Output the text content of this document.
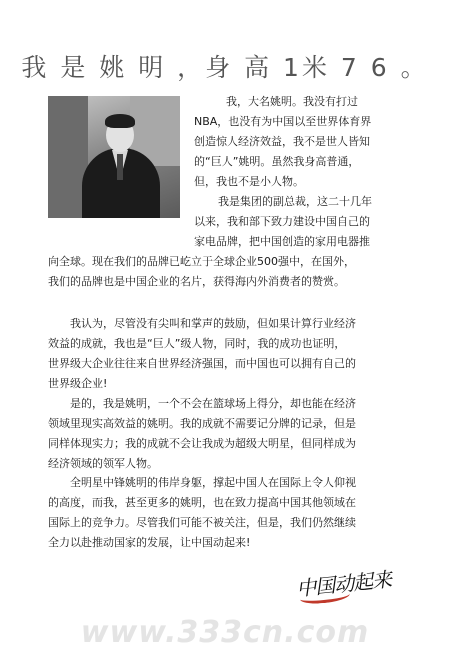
我 是 姚 明 ，身 高 1米 7 6 。
我，大名姚明。我没有打过
NBA，也没有为中国以至世界体育界
创造惊人经济效益，我不是世人皆知
的“巨人”姚明。虽然我身高普通，
但，我也不是小人物。
我是集团的副总裁，这二十几年
以来，我和部下致力建设中国自己的
家电品牌，把中国创造的家用电器推
向全球。现在我们的品牌已屹立于全球企业500强中，在国外，
我们的品牌也是中国企业的名片，获得海内外消费者的赞赏。
我认为，尽管没有尖叫和掌声的鼓励，但如果计算行业经济
效益的成就，我也是“巨人”级人物，同时，我的成功也证明，
世界级大企业往往来自世界经济强国，而中国也可以拥有自己的
世界级企业!
是的，我是姚明，一个不会在篮球场上得分，却也能在经济
领域里现实高效益的姚明。我的成就不需要记分牌的记录，但是
同样体现实力；我的成就不会让我成为超级大明星，但同样成为
经济领域的领军人物。
全明星中锋姚明的伟岸身躯，撑起中国人在国际上令人仰视
的高度，而我，甚至更多的姚明，也在致力提高中国其他领域在
国际上的竞争力。尽管我们可能不被关注，但是，我们仍然继续
全力以赴推动国家的发展，让中国动起来!
中国动起来
www.333cn.com
